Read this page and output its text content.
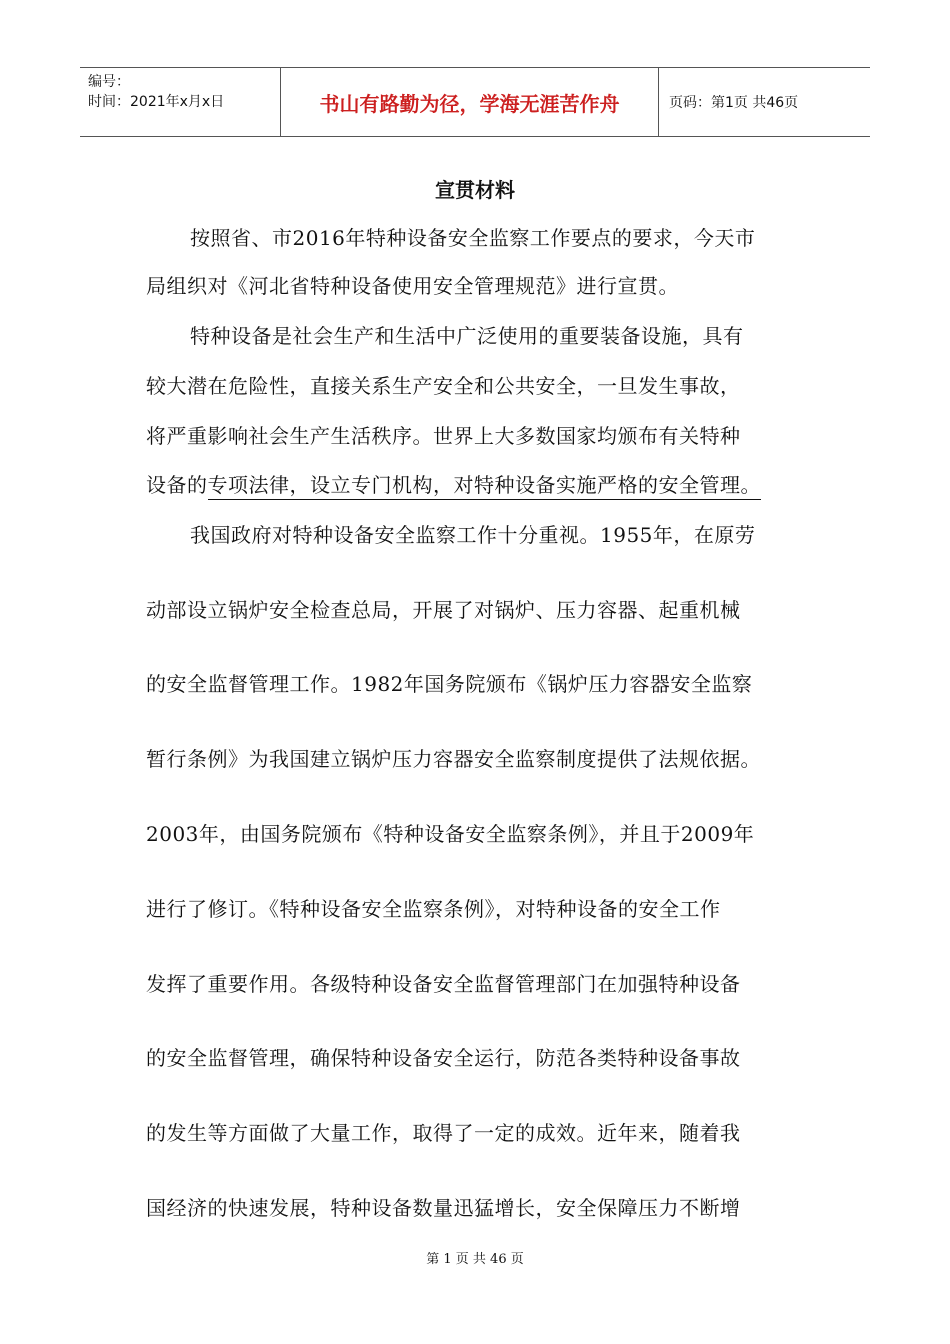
编号：
时间：2021年x月x日	书山有路勤为径，学海无涯苦作舟	页码：第1页 共46页
宣贯材料
按照省、市2016年特种设备安全监察工作要点的要求，今天市
局组织对《河北省特种设备使用安全管理规范》进行宣贯。
特种设备是社会生产和生活中广泛使用的重要装备设施，具有
较大潜在危险性，直接关系生产安全和公共安全，一旦发生事故，
将严重影响社会生产生活秩序。世界上大多数国家均颁布有关特种
设备的专项法律，设立专门机构，对特种设备实施严格的安全管理。
我国政府对特种设备安全监察工作十分重视。1955年，在原劳
动部设立锅炉安全检查总局，开展了对锅炉、压力容器、起重机械
的安全监督管理工作。1982年国务院颁布《锅炉压力容器安全监察
暂行条例》为我国建立锅炉压力容器安全监察制度提供了法规依据。
2003年，由国务院颁布《特种设备安全监察条例》，并且于2009年
进行了修订。《特种设备安全监察条例》，对特种设备的安全工作
发挥了重要作用。各级特种设备安全监督管理部门在加强特种设备
的安全监督管理，确保特种设备安全运行，防范各类特种设备事故
的发生等方面做了大量工作，取得了一定的成效。近年来，随着我
国经济的快速发展，特种设备数量迅猛增长，安全保障压力不断增
第 1 页 共 46 页
